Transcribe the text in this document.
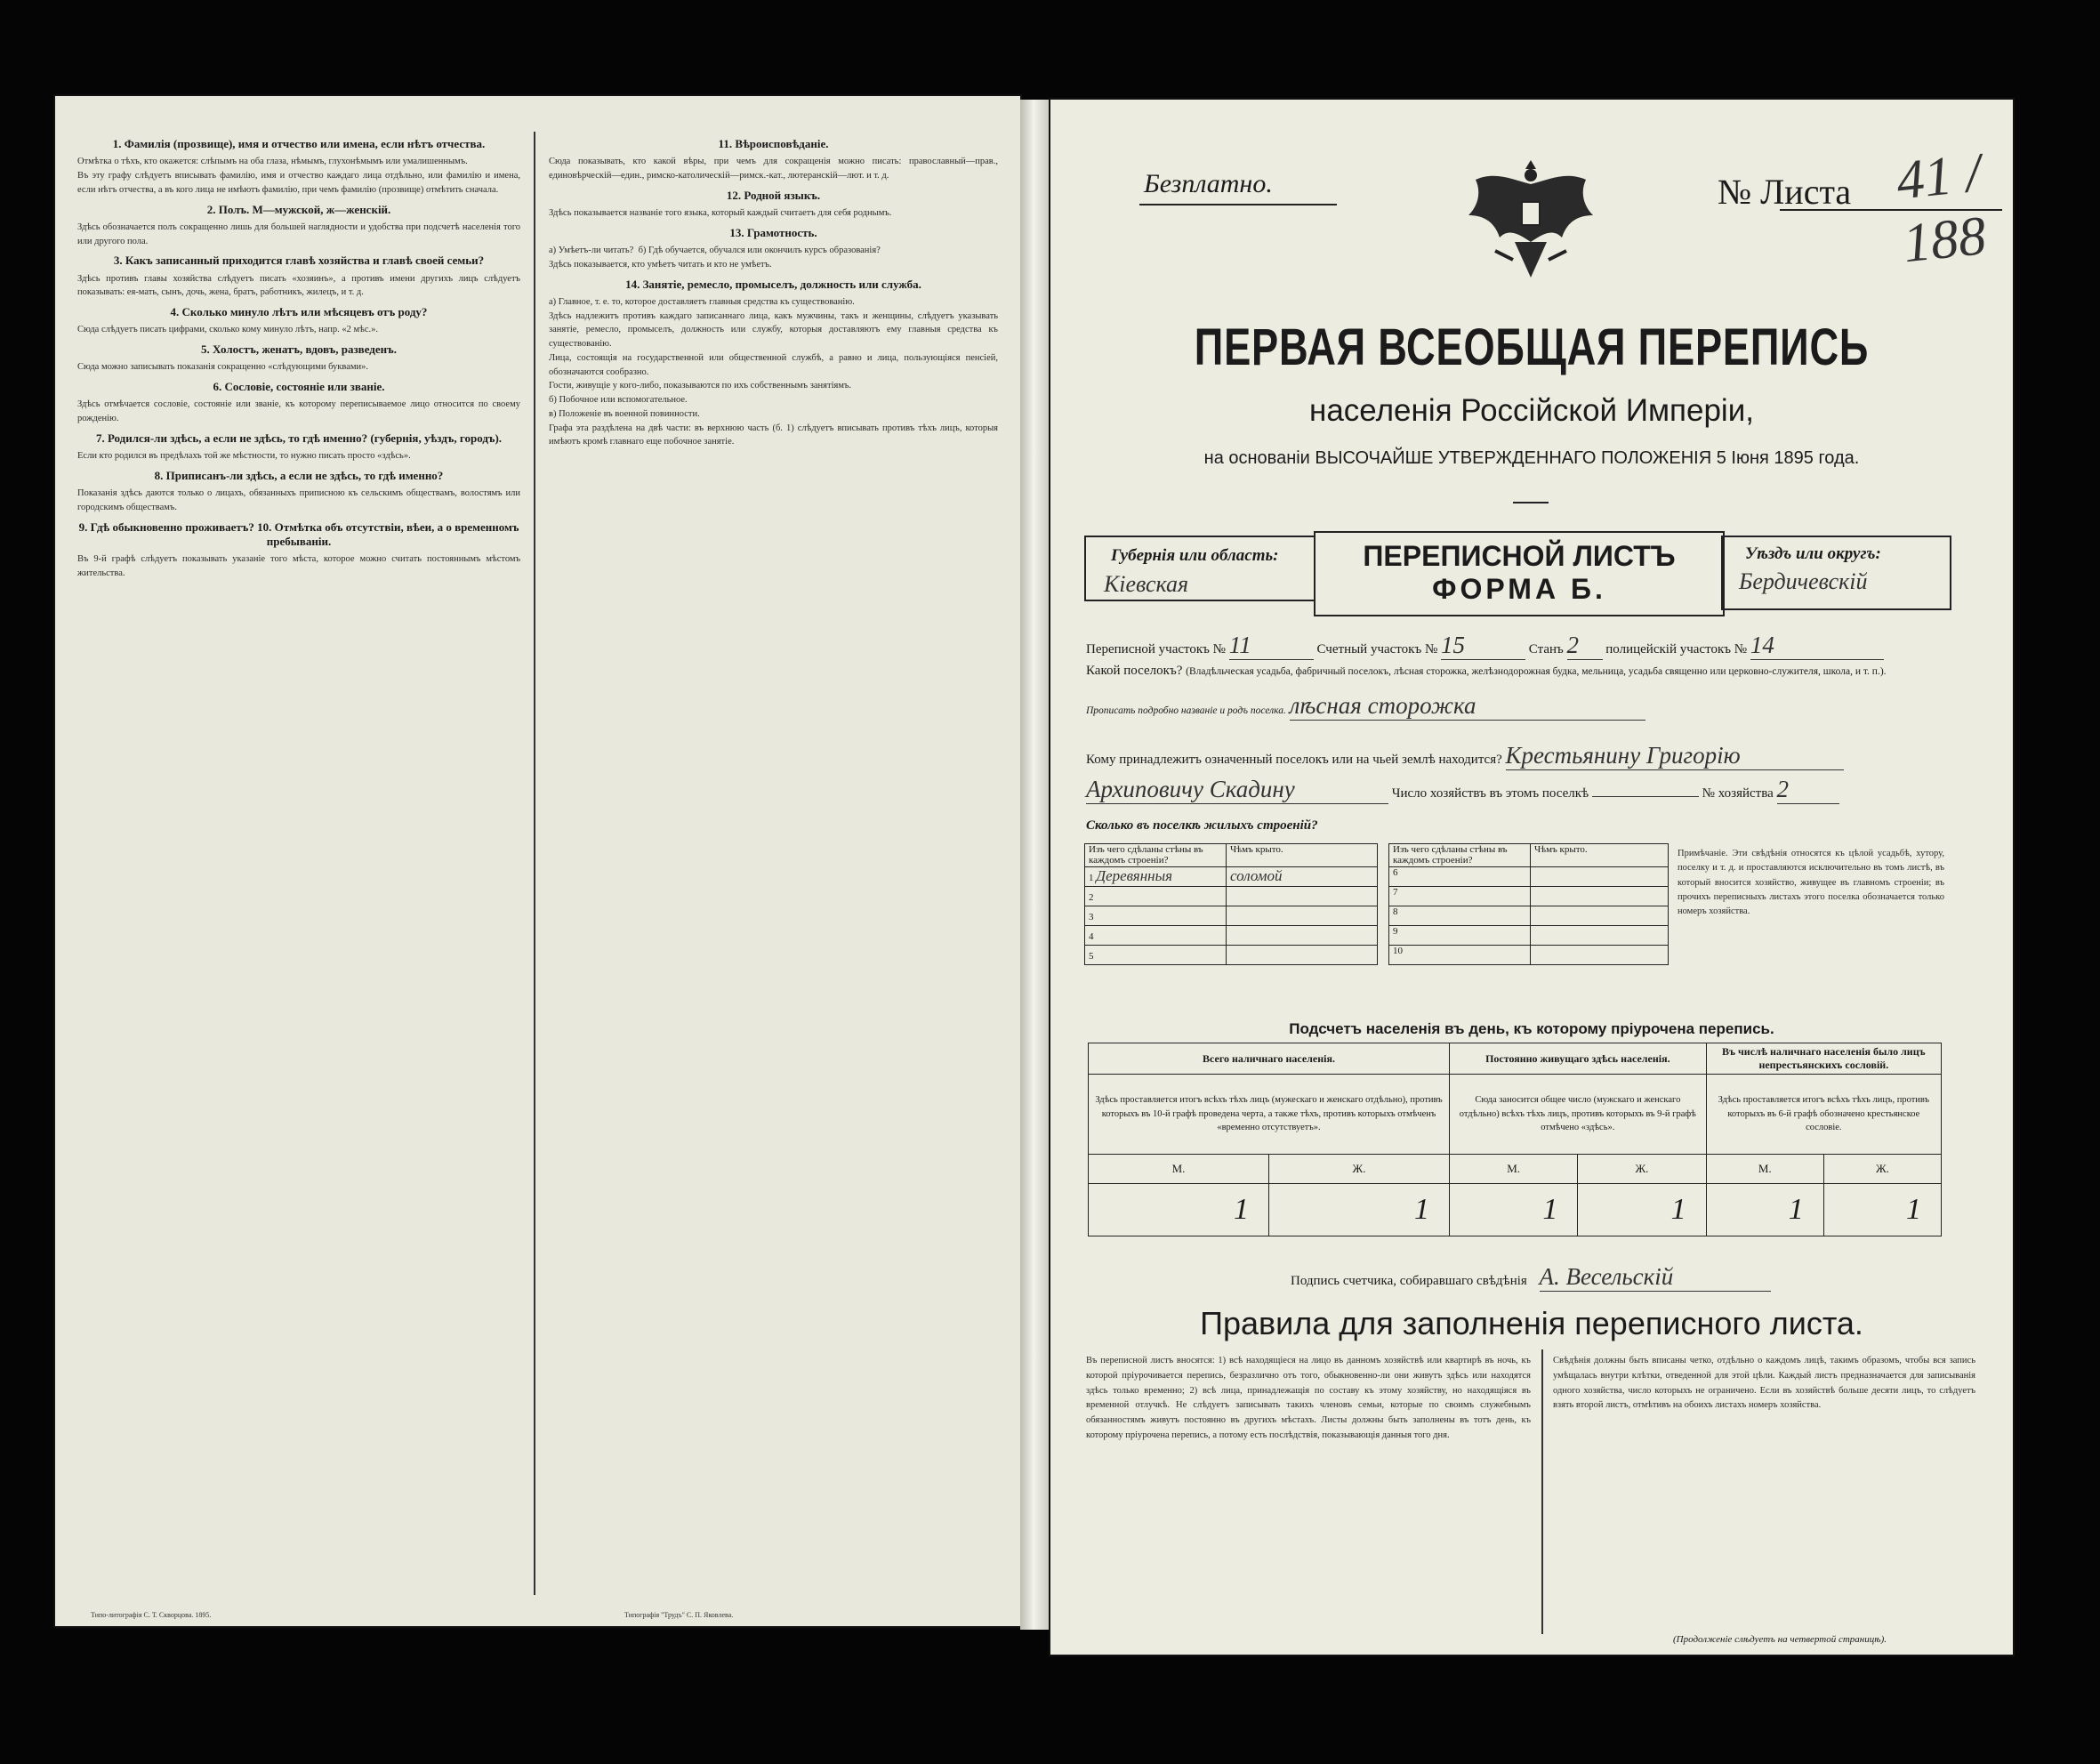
1. Фамилія (прозвище), имя и отчество или имена, если нѣтъ отчества.

Отмѣтка о тѣхъ, кто окажется: слѣпымъ на оба глаза, нѣмымъ, глухонѣмымъ или умалишеннымъ.
Въ эту графу слѣдуетъ вписывать фамилію, имя и отчество каждаго лица отдѣльно, или фамилію и имена, если нѣтъ отчества, а въ кого лица не имѣютъ фамилію, при чемъ фамилію (прозвище) отмѣтить сначала.

2. Полъ. М—мужской, ж—женскій.

Здѣсь обозначается полъ сокращенно лишь для большей наглядности и удобства при подсчетѣ населенія того или другого пола.

3. Какъ записанный приходится главѣ хозяйства и главѣ своей семьи?

Здѣсь противъ главы хозяйства слѣдуетъ писать «хозяинъ», а противъ имени другихъ лицъ слѣдуетъ показывать: ея-мать, сынъ, дочь, жена, братъ, работникъ, жилецъ, и т. д.

4. Сколько минуло лѣтъ или мѣсяцевъ отъ роду?

Сюда слѣдуетъ писать цифрами, сколько кому минуло лѣтъ, напр. «2 мѣс.».

5. Холостъ, женатъ, вдовъ, разведенъ.

Сюда можно записывать показанія сокращенно «слѣдующими буквами».

6. Сословіе, состояніе или званіе.

Здѣсь отмѣчается сословіе, состояніе или званіе, къ которому переписываемое лицо относится по своему рожденію.

7. Родился-ли здѣсь, а если не здѣсь, то гдѣ именно? (губернія, уѣздъ, городъ).

Если кто родился въ предѣлахъ той же мѣстности, то нужно писать просто «здѣсь».

8. Приписанъ-ли здѣсь, а если не здѣсь, то гдѣ именно?

Показанія здѣсь даются только о лицахъ, обязанныхъ приписною къ сельскимъ обществамъ, волостямъ или городскимъ обществамъ.

9. Гдѣ обыкновенно проживаетъ? 10. Отмѣтка объ отсутствіи, вѣеи, а о временномъ пребываніи.

Въ 9-й графѣ слѣдуетъ показывать указаніе того мѣста, которое можно считать постояннымъ мѣстомъ жительства.

11. Вѣроисповѣданіе.

Сюда показывать, кто какой вѣры, при чемъ для сокращенія можно писать: православный—прав., единовѣрческій—един., римско-католическій—римск.-кат., лютеранскій—лют. и т. д.

12. Родной языкъ.

Здѣсь показывается названіе того языка, который каждый считаетъ для себя роднымъ.

13. Грамотность.

а) Умѣетъ-ли читать?  б) Гдѣ обучается, обучался или окончилъ курсъ образованія?
Здѣсь показывается, кто умѣетъ читать и кто не умѣетъ.

14. Занятіе, ремесло, промыселъ, должность или служба.

а) Главное, т. е. то, которое доставляетъ главныя средства къ существованію.
Здѣсь надлежитъ противъ каждаго записаннаго лица, какъ мужчины, такъ и женщины, слѣдуетъ указывать занятіе, ремесло, промыселъ, должность или службу, которыя доставляютъ ему главныя средства къ существованію.
Лица, состоящія на государственной или общественной службѣ, а равно и лица, пользующіяся пенсіей, обозначаются сообразно.
Гости, живущіе у кого-либо, показываются по ихъ собственнымъ занятіямъ.
б) Побочное или вспомогательное.
в) Положеніе въ военной повинности.
Графа эта раздѣлена на двѣ части: въ верхнюю часть (б. 1) слѣдуетъ вписывать противъ тѣхъ лицъ, которыя имѣютъ кромѣ главнаго еще побочное занятіе.

Типо-литографія С. Т. Скворцова. 1895.	Типографія "Трудъ" С. П. Яковлева.
Безплатно.	№ Листа 41 / 188
ПЕРВАЯ ВСЕОБЩАЯ ПЕРЕПИСЬ
населенія Россійской Имперіи,
на основаніи ВЫСОЧАЙШЕ УТВЕРЖДЕННАГО ПОЛОЖЕНІЯ 5 Іюня 1895 года.
Губернія или область:
Кіевская
ПЕРЕПИСНОЙ ЛИСТЪ
ФОРМА Б.
Уѣздъ или округъ:
Бердичевскій
Переписной участокъ № 11	Счетный участокъ № 15	Станъ 2 полицейскій участокъ № 14
Какой поселокъ? (Владѣльческая усадьба, фабричный поселокъ, лѣсная сторожка, желѣзнодорожная будка, мельница, усадьба священно или церковно-служителя, школа, и т. п.).
Прописать подробно названіе и родъ поселка. лѣсная сторожка
Кому принадлежитъ означенный поселокъ или на чьей землѣ находится? Крестьянину Григорію
Архиповичу Скадину	Число хозяйствъ въ этомъ поселкѣ	№ хозяйства 2
Сколько въ поселкѣ жилыхъ строеній?
Изъ чего сдѣланы стѣны въ каждомъ строеніи?	Чѣмъ крыто.
1 Деревянныя	соломой
2	
3	
4	
5	
Изъ чего сдѣланы стѣны въ каждомъ строеніи?	Чѣмъ крыто.
6	
7	
8	
9	
10	
Примѣчаніе. Эти свѣдѣнія относятся къ цѣлой усадьбѣ, хутору, поселку и т. д. и проставляются исключительно въ томъ листѣ, въ который вносится хозяйство, живущее въ главномъ строеніи; въ прочихъ переписныхъ листахъ этого поселка обозначается только номеръ хозяйства.
Подсчетъ населенія въ день, къ которому пріурочена перепись.
Всего наличнаго населенія.		Постоянно живущаго здѣсь населенія.		Въ числѣ наличнаго населенія было лицъ непрестьянскихъ сословій.	
Здѣсь проставляется итогъ всѣхъ тѣхъ лицъ (мужескаго и женскаго отдѣльно), противъ которыхъ въ 10-й графѣ проведена черта, а также тѣхъ, противъ которыхъ отмѣченъ «временно отсутствуетъ».		Сюда заносится общее число (мужскаго и женскаго отдѣльно) всѣхъ тѣхъ лицъ, противъ которыхъ въ 9-й графѣ отмѣчено «здѣсь».		Здѣсь проставляется итогъ всѣхъ тѣхъ лицъ, противъ которыхъ въ 6-й графѣ обозначено крестьянское сословіе.	
М.	Ж.	М.	Ж.	М.	Ж.
1	1	1	1	1	1
Подпись счетчика, собиравшаго свѣдѣнія А. Весельскій
Правила для заполненія переписного листа.
Въ переписной листъ вносятся: 1) всѣ находящіеся на лицо въ данномъ хозяйствѣ или квартирѣ въ ночь, къ которой пріурочивается перепись, безразлично отъ того, обыкновенно-ли они живутъ здѣсь или находятся здѣсь только временно; 2) всѣ лица, принадлежащія по составу къ этому хозяйству, но находящіяся въ временной отлучкѣ. Не слѣдуетъ записывать такихъ членовъ семьи, которые по своимъ служебнымъ обязанностямъ живутъ постоянно въ другихъ мѣстахъ. Листы должны быть заполнены въ тотъ день, къ которому пріурочена перепись, а потому есть послѣдствія, показывающія данныя того дня.
Свѣдѣнія должны быть вписаны четко, отдѣльно о каждомъ лицѣ, такимъ образомъ, чтобы вся запись умѣщалась внутри клѣтки, отведенной для этой цѣли. Каждый листъ предназначается для записыванія одного хозяйства, число которыхъ не ограничено. Если въ хозяйствѣ больше десяти лицъ, то слѣдуетъ взять второй листъ, отмѣтивъ на обоихъ листахъ номеръ хозяйства.
(Продолженіе слѣдуетъ на четвертой страницѣ).
